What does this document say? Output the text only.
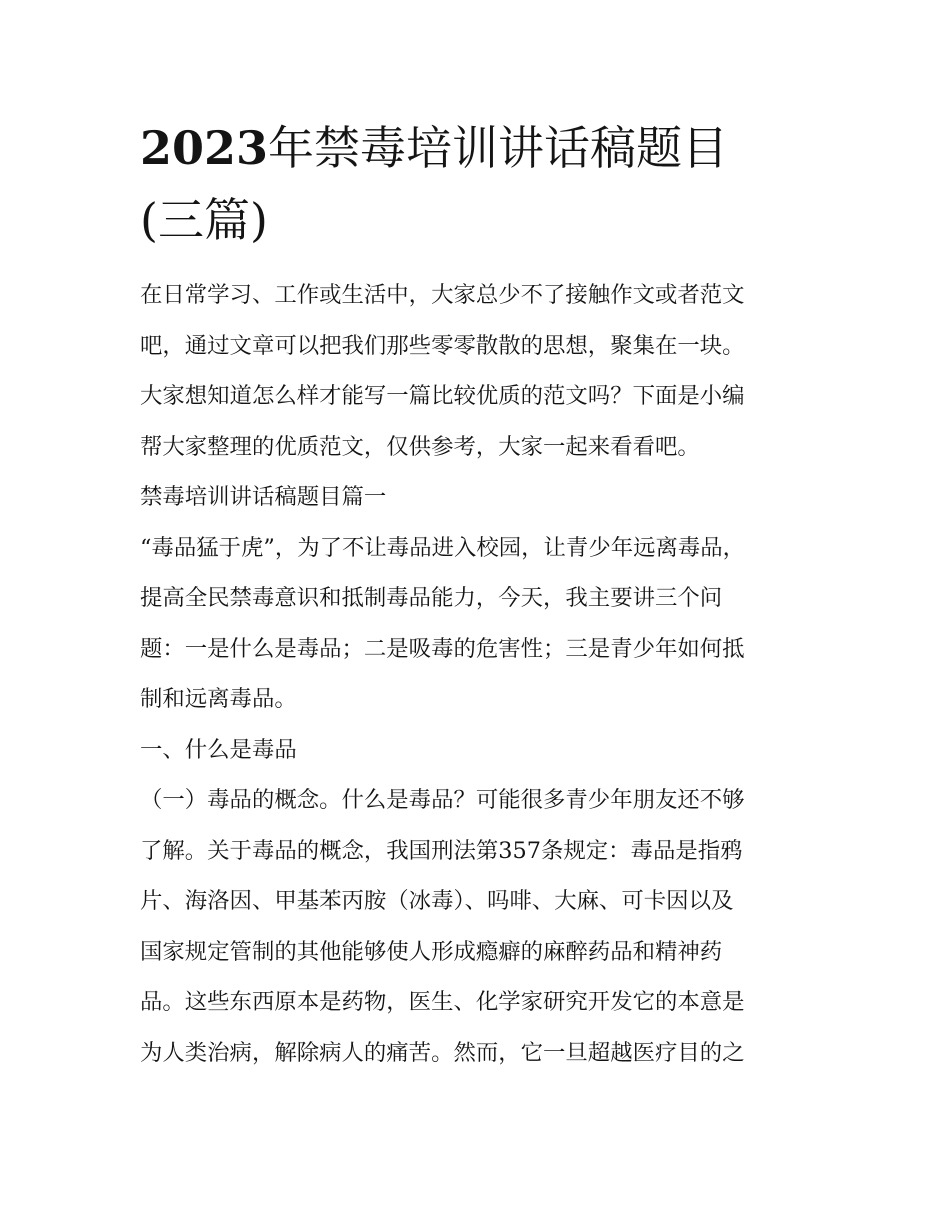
2023年禁毒培训讲话稿题目
(三篇)
在日常学习、工作或生活中，大家总少不了接触作文或者范文
吧，通过文章可以把我们那些零零散散的思想，聚集在一块。
大家想知道怎么样才能写一篇比较优质的范文吗？下面是小编
帮大家整理的优质范文，仅供参考，大家一起来看看吧。
禁毒培训讲话稿题目篇一
“毒品猛于虎”，为了不让毒品进入校园，让青少年远离毒品，
提高全民禁毒意识和抵制毒品能力，今天，我主要讲三个问
题：一是什么是毒品；二是吸毒的危害性；三是青少年如何抵
制和远离毒品。
一、什么是毒品
（一）毒品的概念。什么是毒品？可能很多青少年朋友还不够
了解。关于毒品的概念，我国刑法第357条规定：毒品是指鸦
片、海洛因、甲基苯丙胺（冰毒）、吗啡、大麻、可卡因以及
国家规定管制的其他能够使人形成瘾癖的麻醉药品和精神药
品。这些东西原本是药物，医生、化学家研究开发它的本意是
为人类治病，解除病人的痛苦。然而，它一旦超越医疗目的之
